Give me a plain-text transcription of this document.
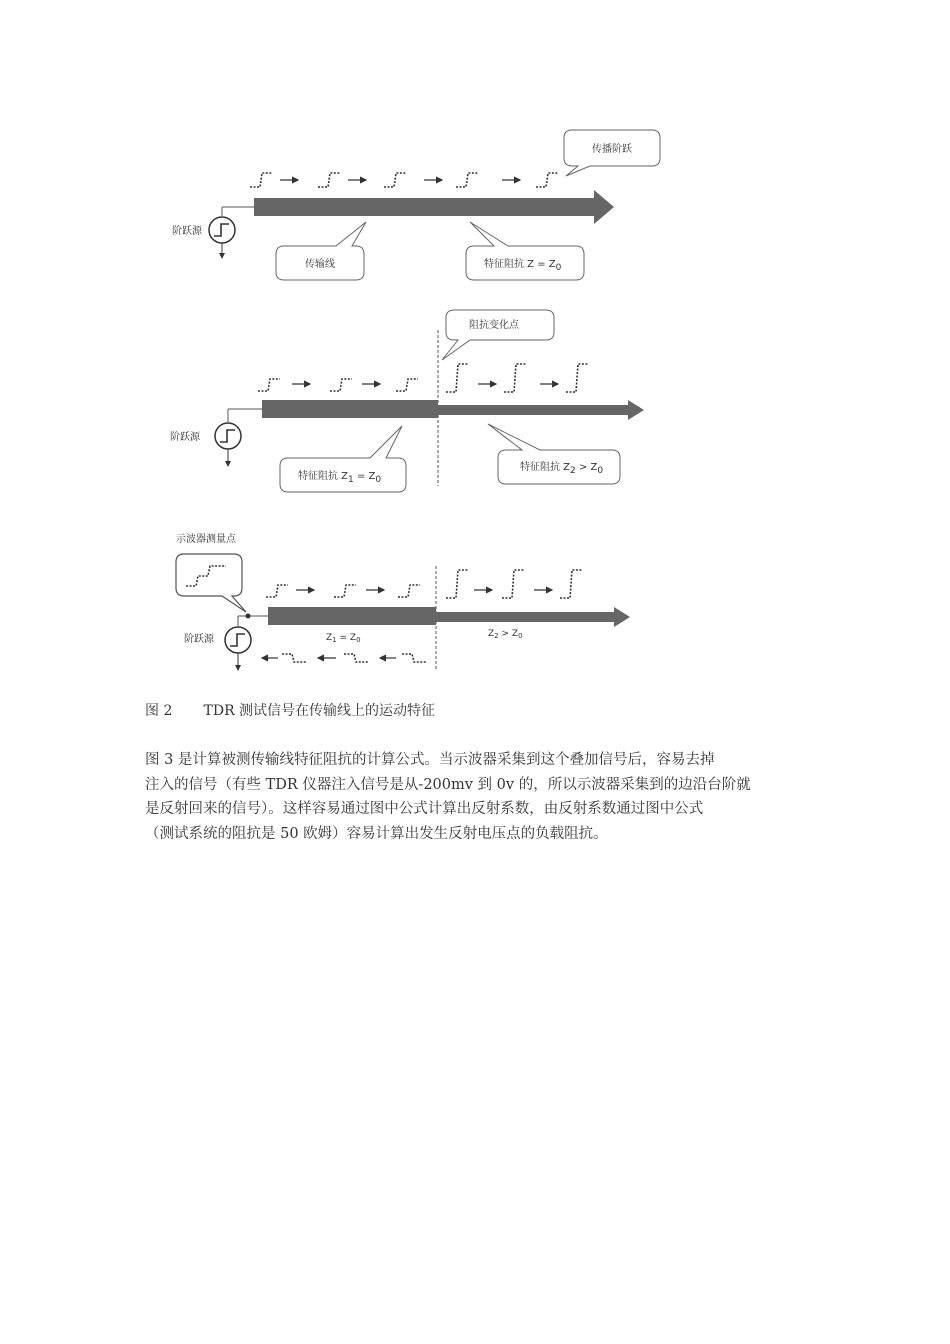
传播阶跃
阶跃源
传输线	特征阻抗 Z = Z0
阻抗变化点
阶跃源
特征阻抗 Z1 = Z0
特征阻抗 Z2 > Z0
示波器测量点
$Z_1 = Z_0$
$Z_2 > Z_0$
阶跃源
图 2       TDR 测试信号在传输线上的运动特征

图 3 是计算被测传输线特征阻抗的计算公式。当示波器采集到这个叠加信号后，容易去掉

注入的信号（有些 TDR 仪器注入信号是从-200mv 到 0v 的，所以示波器采集到的边沿台阶就

是反射回来的信号）。这样容易通过图中公式计算出反射系数，由反射系数通过图中公式

（测试系统的阻抗是 50 欧姆）容易计算出发生反射电压点的负载阻抗。
